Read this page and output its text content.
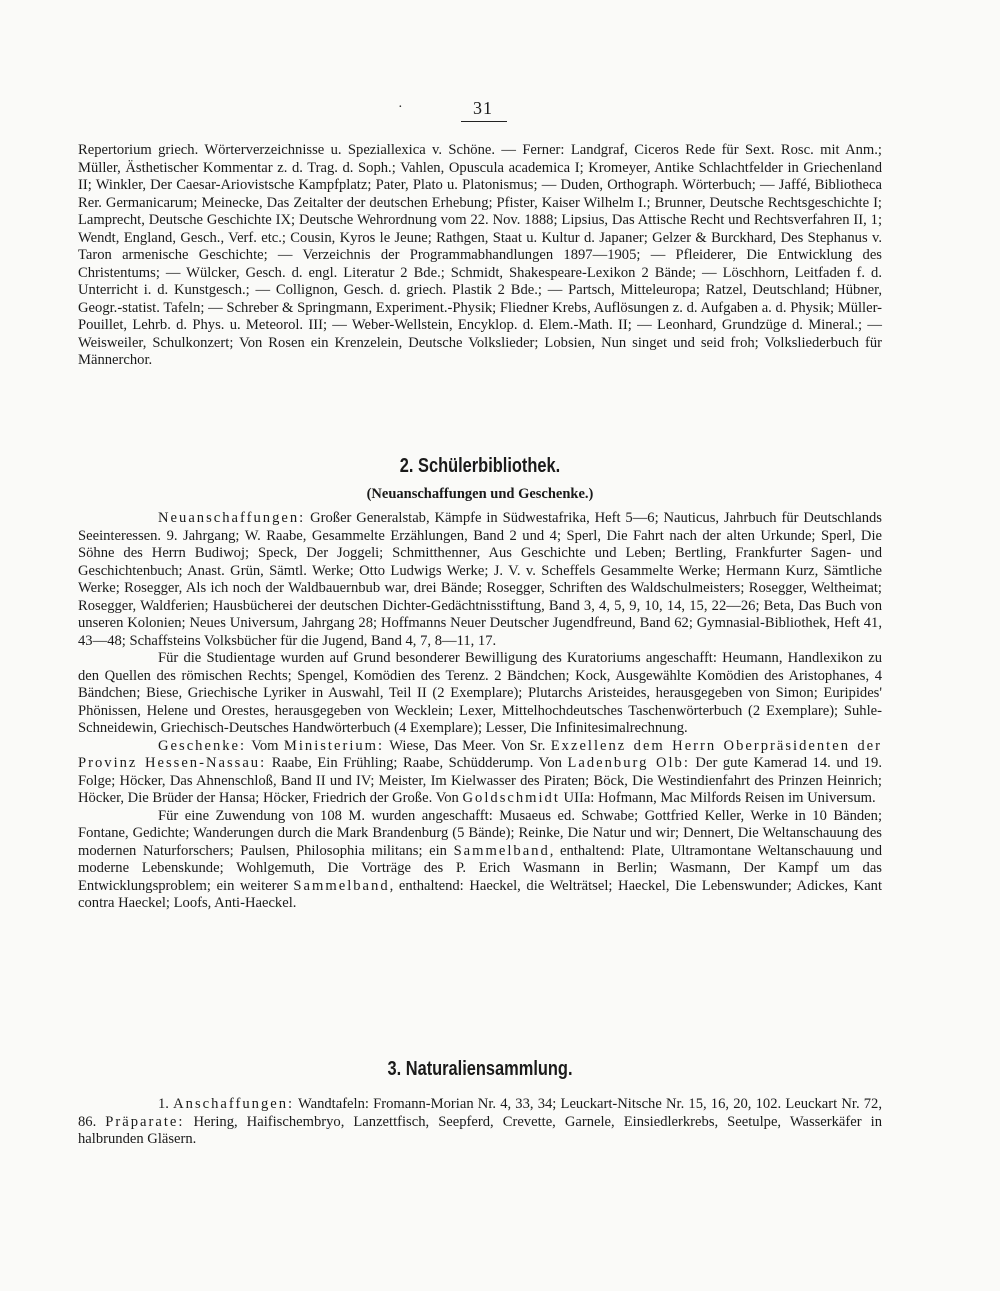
·	31

Repertorium griech. Wörterverzeichnisse u. Speziallexica v. Schöne. — Ferner: Landgraf, Ciceros Rede für Sext. Rosc. mit Anm.; Müller, Ästhetischer Kommentar z. d. Trag. d. Soph.; Vahlen, Opuscula academica I; Kromeyer, Antike Schlachtfelder in Griechenland II; Winkler, Der Caesar-Ariovistsche Kampfplatz; Pater, Plato u. Platonismus; — Duden, Orthograph. Wörterbuch; — Jaffé, Bibliotheca Rer. Germanicarum; Meinecke, Das Zeitalter der deutschen Erhebung; Pfister, Kaiser Wilhelm I.; Brunner, Deutsche Rechtsgeschichte I; Lamprecht, Deutsche Geschichte IX; Deutsche Wehrordnung vom 22. Nov. 1888; Lipsius, Das Attische Recht und Rechtsverfahren II, 1; Wendt, England, Gesch., Verf. etc.; Cousin, Kyros le Jeune; Rathgen, Staat u. Kultur d. Japaner; Gelzer & Burckhard, Des Stephanus v. Taron armenische Geschichte; — Verzeichnis der Programmabhandlungen 1897—1905; — Pfleiderer, Die Entwicklung des Christentums; — Wülcker, Gesch. d. engl. Literatur 2 Bde.; Schmidt, Shakespeare-Lexikon 2 Bände; — Löschhorn, Leitfaden f. d. Unterricht i. d. Kunstgesch.; — Collignon, Gesch. d. griech. Plastik 2 Bde.; — Partsch, Mitteleuropa; Ratzel, Deutschland; Hübner, Geogr.-statist. Tafeln; — Schreber & Springmann, Experiment.-Physik; Fliedner Krebs, Auflösungen z. d. Aufgaben a. d. Physik; Müller-Pouillet, Lehrb. d. Phys. u. Meteorol. III; — Weber-Wellstein, Encyklop. d. Elem.-Math. II; — Leonhard, Grundzüge d. Mineral.; — Weisweiler, Schulkonzert; Von Rosen ein Krenzelein, Deutsche Volkslieder; Lobsien, Nun singet und seid froh; Volksliederbuch für Männerchor.

2. Schülerbibliothek.

(Neuanschaffungen und Geschenke.)

Neuanschaffungen: Großer Generalstab, Kämpfe in Südwestafrika, Heft 5—6; Nauticus, Jahrbuch für Deutschlands Seeinteressen. 9. Jahrgang; W. Raabe, Gesammelte Erzählungen, Band 2 und 4; Sperl, Die Fahrt nach der alten Urkunde; Sperl, Die Söhne des Herrn Budiwoj; Speck, Der Joggeli; Schmitthenner, Aus Geschichte und Leben; Bertling, Frankfurter Sagen- und Geschichtenbuch; Anast. Grün, Sämtl. Werke; Otto Ludwigs Werke; J. V. v. Scheffels Gesammelte Werke; Hermann Kurz, Sämtliche Werke; Rosegger, Als ich noch der Waldbauernbub war, drei Bände; Rosegger, Schriften des Waldschulmeisters; Rosegger, Weltheimat; Rosegger, Waldferien; Hausbücherei der deutschen Dichter-Gedächtnisstiftung, Band 3, 4, 5, 9, 10, 14, 15, 22—26; Beta, Das Buch von unseren Kolonien; Neues Universum, Jahrgang 28; Hoffmanns Neuer Deutscher Jugendfreund, Band 62; Gymnasial-Bibliothek, Heft 41, 43—48; Schaffsteins Volksbücher für die Jugend, Band 4, 7, 8—11, 17.

Für die Studientage wurden auf Grund besonderer Bewilligung des Kuratoriums angeschafft: Heumann, Handlexikon zu den Quellen des römischen Rechts; Spengel, Komödien des Terenz. 2 Bändchen; Kock, Ausgewählte Komödien des Aristophanes, 4 Bändchen; Biese, Griechische Lyriker in Auswahl, Teil II (2 Exemplare); Plutarchs Aristeides, herausgegeben von Simon; Euripides' Phönissen, Helene und Orestes, herausgegeben von Wecklein; Lexer, Mittelhochdeutsches Taschenwörterbuch (2 Exemplare); Suhle-Schneidewin, Griechisch-Deutsches Handwörterbuch (4 Exemplare); Lesser, Die Infinitesimalrechnung.

Geschenke: Vom Ministerium: Wiese, Das Meer. Von Sr. Exzellenz dem Herrn Oberpräsidenten der Provinz Hessen-Nassau: Raabe, Ein Frühling; Raabe, Schüdderump. Von Ladenburg Olb: Der gute Kamerad 14. und 19. Folge; Höcker, Das Ahnenschloß, Band II und IV; Meister, Im Kielwasser des Piraten; Böck, Die Westindienfahrt des Prinzen Heinrich; Höcker, Die Brüder der Hansa; Höcker, Friedrich der Große. Von Goldschmidt UIIa: Hofmann, Mac Milfords Reisen im Universum.

Für eine Zuwendung von 108 M. wurden angeschafft: Musaeus ed. Schwabe; Gottfried Keller, Werke in 10 Bänden; Fontane, Gedichte; Wanderungen durch die Mark Brandenburg (5 Bände); Reinke, Die Natur und wir; Dennert, Die Weltanschauung des modernen Naturforschers; Paulsen, Philosophia militans; ein Sammelband, enthaltend: Plate, Ultramontane Weltanschauung und moderne Lebenskunde; Wohlgemuth, Die Vorträge des P. Erich Wasmann in Berlin; Wasmann, Der Kampf um das Entwicklungsproblem; ein weiterer Sammelband, enthaltend: Haeckel, die Welträtsel; Haeckel, Die Lebenswunder; Adickes, Kant contra Haeckel; Loofs, Anti-Haeckel.

3. Naturaliensammlung.

1. Anschaffungen: Wandtafeln: Fromann-Morian Nr. 4, 33, 34; Leuckart-Nitsche Nr. 15, 16, 20, 102. Leuckart Nr. 72, 86. Präparate: Hering, Haifischembryo, Lanzettfisch, Seepferd, Crevette, Garnele, Einsiedlerkrebs, Seetulpe, Wasserkäfer in halbrunden Gläsern.
